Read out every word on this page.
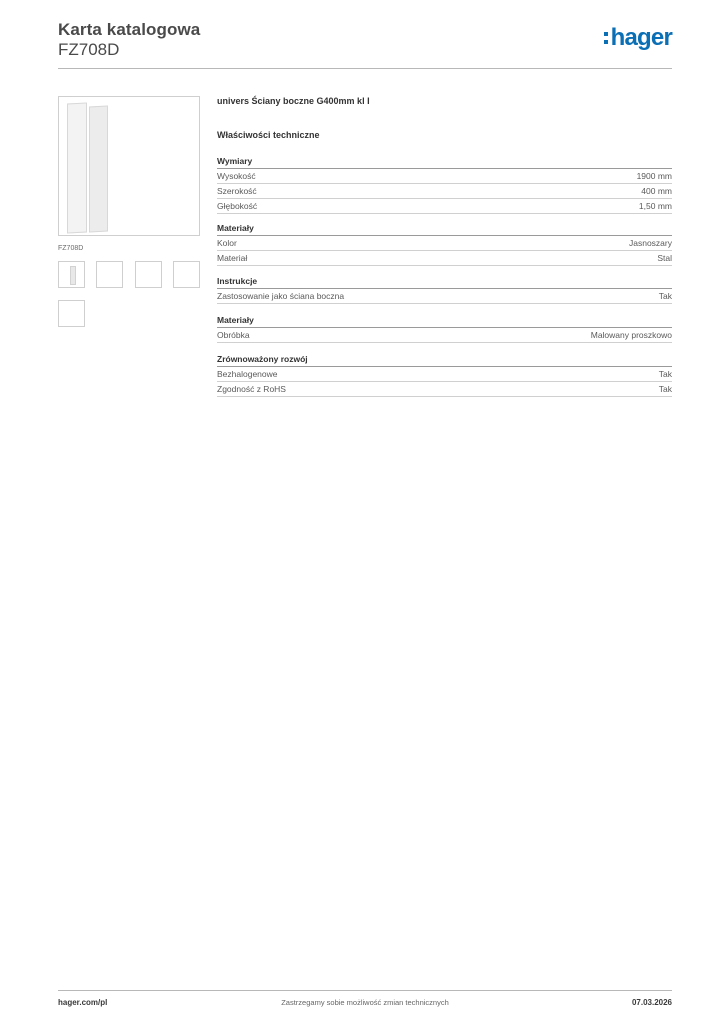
Karta katalogowa
FZ708D	hager
FZ708D
univers Ściany boczne G400mm kl I
Właściwości techniczne
Wymiary
Wysokość	1900 mm
Szerokość	400 mm
Głębokość	1,50 mm
Materiały
Kolor	Jasnoszary
Materiał	Stal
Instrukcje
Zastosowanie jako ściana boczna	Tak
Materiały
Obróbka	Malowany proszkowo
Zrównoważony rozwój
Bezhalogenowe	Tak
Zgodność z RoHS	Tak
hager.com/pl	Zastrzegamy sobie możliwość zmian technicznych	07.03.2026
